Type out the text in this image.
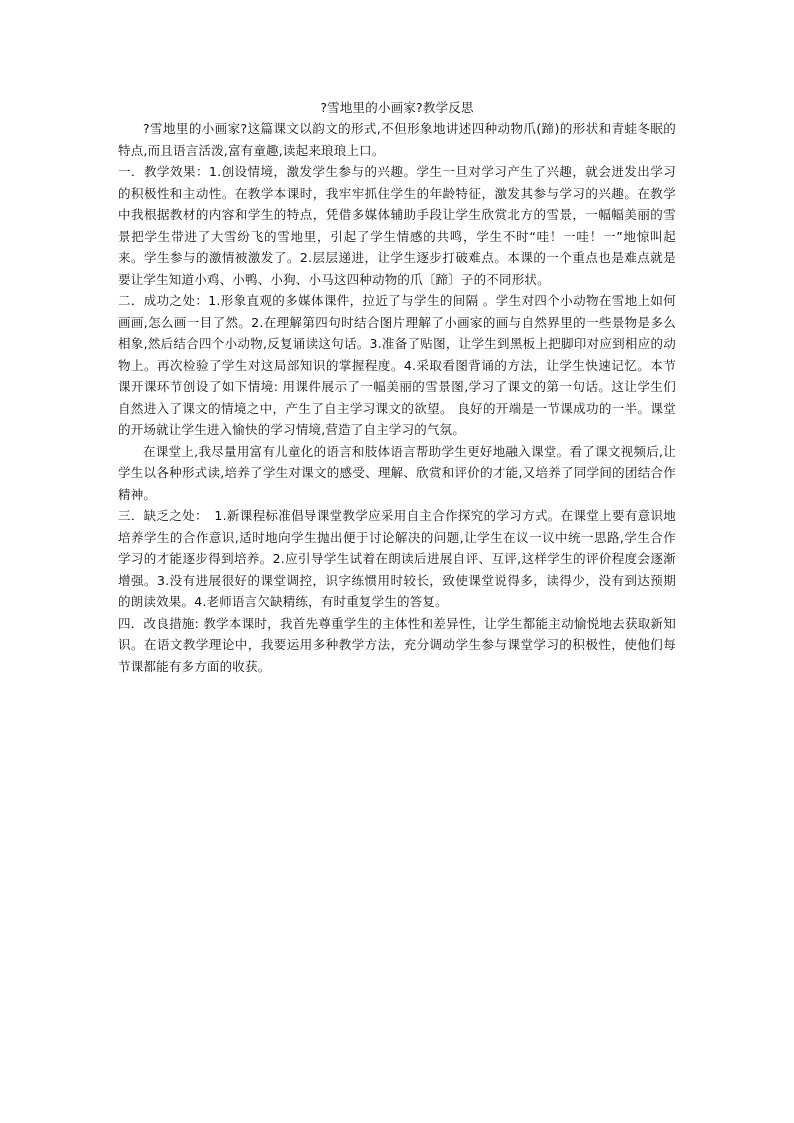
?雪地里的小画家?教学反思

?雪地里的小画家?这篇课文以韵文的形式,不但形象地讲述四种动物爪(蹄)的形状和青蛙冬眠的特点,而且语言活泼,富有童趣,读起来琅琅上口。

一．教学效果：1.创设情境，激发学生参与的兴趣。学生一旦对学习产生了兴趣，就会迸发出学习的积极性和主动性。在教学本课时，我牢牢抓住学生的年龄特征，激发其参与学习的兴趣。在教学中我根据教材的内容和学生的特点，凭借多媒体辅助手段让学生欣赏北方的雪景，一幅幅美丽的雪景把学生带进了大雪纷飞的雪地里，引起了学生情感的共鸣，学生不时“哇！一哇！一”地惊叫起来。学生参与的激情被激发了。2.层层递进，让学生逐步打破难点。本课的一个重点也是难点就是要让学生知道小鸡、小鸭、小狗、小马这四种动物的爪〔蹄〕子的不同形状。

二．成功之处：1.形象直观的多媒体课件，拉近了与学生的间隔 。学生对四个小动物在雪地上如何画画,怎么画一目了然。2.在理解第四句时结合图片理解了小画家的画与自然界里的一些景物是多么相象,然后结合四个小动物,反复诵读这句话。3.准备了贴图，让学生到黑板上把脚印对应到相应的动物上。再次检验了学生对这局部知识的掌握程度。4.采取看图背诵的方法，让学生快速记忆。本节课开课环节创设了如下情境: 用课件展示了一幅美丽的雪景图,学习了课文的第一句话。这让学生们自然进入了课文的情境之中，产生了自主学习课文的欲望。 良好的开端是一节课成功的一半。课堂的开场就让学生进入愉快的学习情境,营造了自主学习的气氛。

在课堂上,我尽量用富有儿童化的语言和肢体语言帮助学生更好地融入课堂。看了课文视频后,让学生以各种形式读,培养了学生对课文的感受、理解、欣赏和评价的才能,又培养了同学间的团结合作精神。

三．缺乏之处：　1.新课程标准倡导课堂教学应采用自主合作探究的学习方式。在课堂上要有意识地培养学生的合作意识,适时地向学生抛出便于讨论解决的问题,让学生在议一议中统一思路,学生合作学习的才能逐步得到培养。2.应引导学生试着在朗读后进展自评、互评,这样学生的评价程度会逐渐增强。3.没有进展很好的课堂调控，识字练惯用时较长，致使课堂说得多，读得少，没有到达预期的朗读效果。4.老师语言欠缺精练，有时重复学生的答复。

四．改良措施: 教学本课时，我首先尊重学生的主体性和差异性，让学生都能主动愉悦地去获取新知识。在语文教学理论中，我要运用多种教学方法，充分调动学生参与课堂学习的积极性，使他们每节课都能有多方面的收获。
